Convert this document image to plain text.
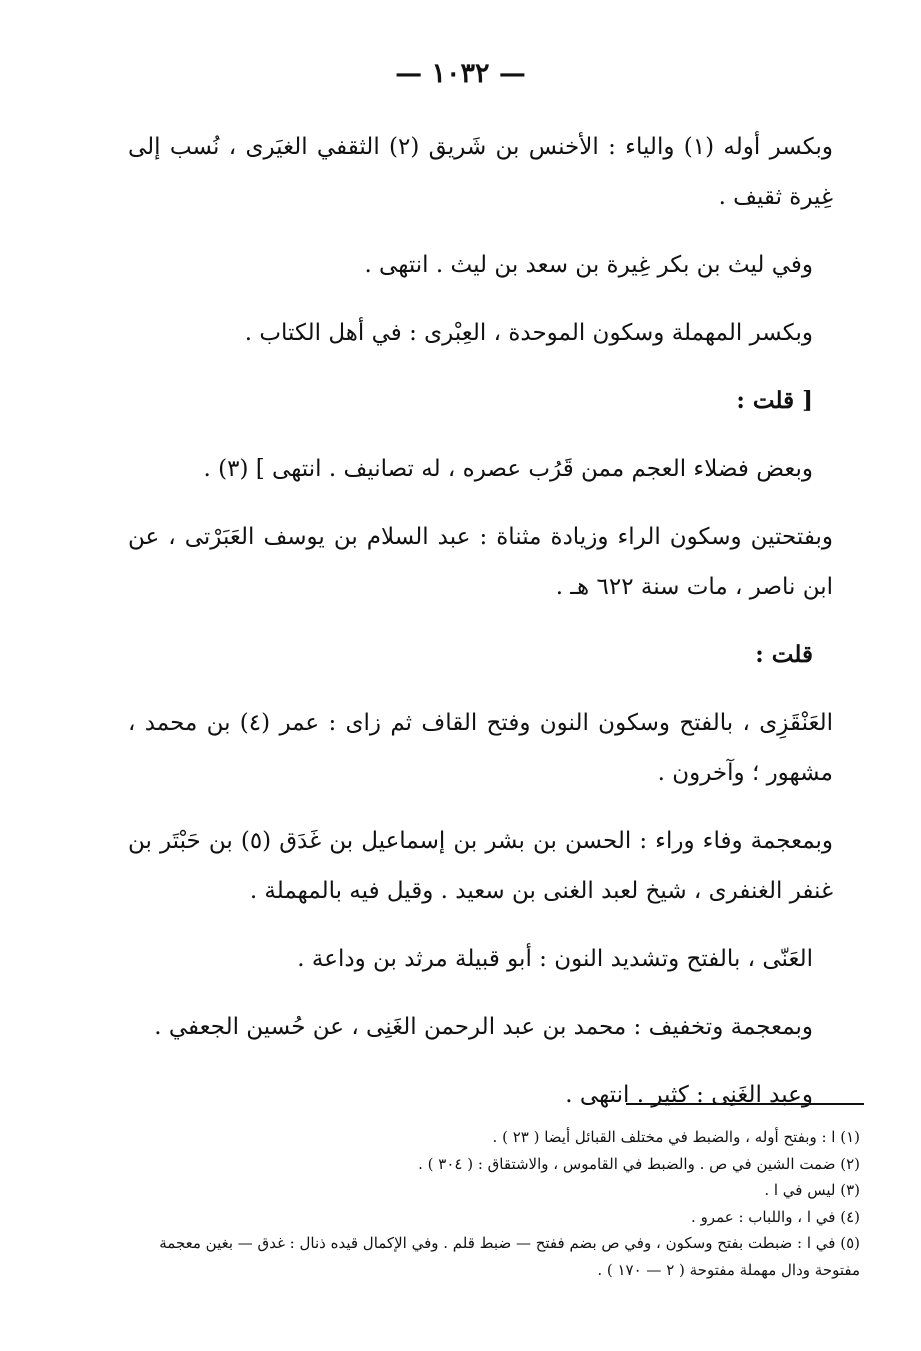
— ١٠٣٢ —

وبكسر أوله (١) والياء : الأخنس بن شَريق (٢) الثقفي الغيَرى ، نُسب إلى غِيرة ثقيف .

وفي ليث بن بكر غِيرة بن سعد بن ليث . انتهى .

وبكسر المهملة وسكون الموحدة ، العِبْرى : في أهل الكتاب .

[ قلت :

وبعض فضلاء العجم ممن قَرُب عصره ، له تصانيف . انتهى ] (٣) .

وبفتحتين وسكون الراء وزيادة مثناة : عبد السلام بن يوسف العَبَرْتى ، عن ابن ناصر ، مات سنة ٦٢٢ هـ .

قلت :

العَنْقَزِى ، بالفتح وسكون النون وفتح القاف ثم زاى : عمر (٤) بن محمد ، مشهور ؛ وآخرون .

وبمعجمة وفاء وراء : الحسن بن بشر بن إسماعيل بن غَدَق (٥) بن حَبْتَر بن غنفر الغنفرى ، شيخ لعبد الغنى بن سعيد . وقيل فيه بالمهملة .

العَنّى ، بالفتح وتشديد النون : أبو قبيلة مرثد بن وداعة .

وبمعجمة وتخفيف : محمد بن عبد الرحمن الغَنِى ، عن حُسين الجعفي .

وعبد الغَنِى : كثير . انتهى .

(١) ا : وبفتح أوله ، والضبط في مختلف القبائل أيضا ( ٢٣ ) .

(٢) ضمت الشين في ص . والضبط في القاموس ، والاشتقاق : ( ٣٠٤ ) .

(٣) ليس في ا .

(٤) في ا ، واللباب : عمرو .

(٥) في ا : ضبطت بفتح وسكون ، وفي ص بضم ففتح — ضبط قلم . وفي الإكمال قيده ذنال : غدق — بغين معجمة مفتوحة ودال مهملة مفتوحة ( ٢ — ١٧٠ ) .
